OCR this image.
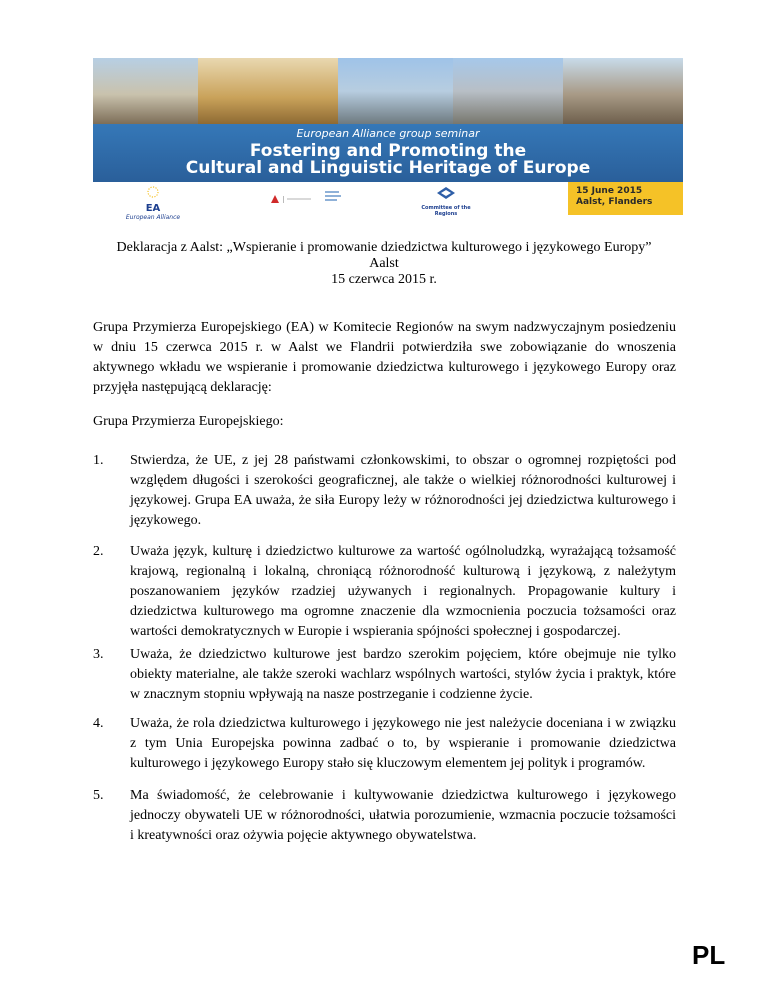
European Alliance group seminar
Fostering and Promoting the
Cultural and Linguistic Heritage of Europe
EA
European Alliance
Committee of the Regions
15 June 2015
Aalst, Flanders
Deklaracja z Aalst: „Wspieranie i promowanie dziedzictwa kulturowego i językowego Europy”
Aalst
15 czerwca 2015 r.
Grupa Przymierza Europejskiego (EA) w Komitecie Regionów na swym nadzwyczajnym posiedzeniu w dniu 15 czerwca 2015 r. w Aalst we Flandrii potwierdziła swe zobowiązanie do wnoszenia aktywnego wkładu we wspieranie i promowanie dziedzictwa kulturowego i językowego Europy oraz przyjęła następującą deklarację:
Grupa Przymierza Europejskiego:
1. Stwierdza, że UE, z jej 28 państwami członkowskimi, to obszar o ogromnej rozpiętości pod względem długości i szerokości geograficznej, ale także o wielkiej różnorodności kulturowej i językowej. Grupa EA uważa, że siła Europy leży w różnorodności jej dziedzictwa kulturowego i językowego.
2. Uważa język, kulturę i dziedzictwo kulturowe za wartość ogólnoludzką, wyrażającą tożsamość krajową, regionalną i lokalną, chroniącą różnorodność kulturową i językową, z należytym poszanowaniem języków rzadziej używanych i regionalnych. Propagowanie kultury i dziedzictwa kulturowego ma ogromne znaczenie dla wzmocnienia poczucia tożsamości oraz wartości demokratycznych w Europie i wspierania spójności społecznej i gospodarczej.
3. Uważa, że dziedzictwo kulturowe jest bardzo szerokim pojęciem, które obejmuje nie tylko obiekty materialne, ale także szeroki wachlarz wspólnych wartości, stylów życia i praktyk, które w znacznym stopniu wpływają na nasze postrzeganie i codzienne życie.
4. Uważa, że rola dziedzictwa kulturowego i językowego nie jest należycie doceniana i w związku z tym Unia Europejska powinna zadbać o to, by wspieranie i promowanie dziedzictwa kulturowego i językowego Europy stało się kluczowym elementem jej polityk i programów.
5. Ma świadomość, że celebrowanie i kultywowanie dziedzictwa kulturowego i językowego jednoczy obywateli UE w różnorodności, ułatwia porozumienie, wzmacnia poczucie tożsamości i kreatywności oraz ożywia pojęcie aktywnego obywatelstwa.
PL
